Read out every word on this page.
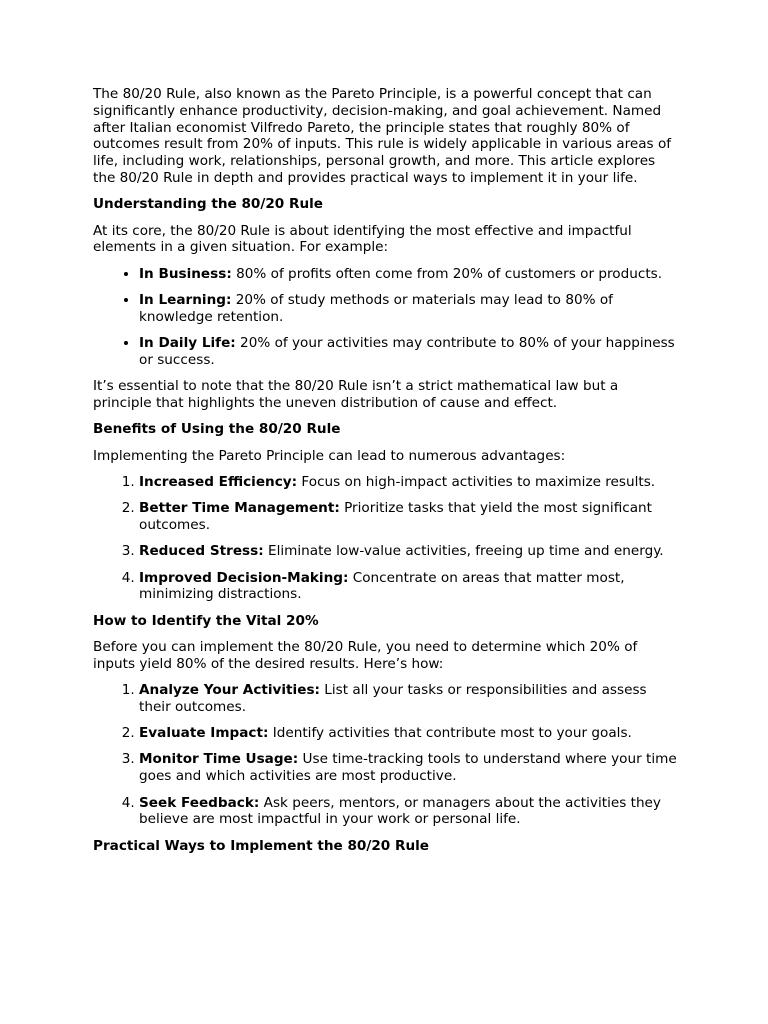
The 80/20 Rule, also known as the Pareto Principle, is a powerful concept that can significantly enhance productivity, decision-making, and goal achievement. Named after Italian economist Vilfredo Pareto, the principle states that roughly 80% of outcomes result from 20% of inputs. This rule is widely applicable in various areas of life, including work, relationships, personal growth, and more. This article explores the 80/20 Rule in depth and provides practical ways to implement it in your life.

Understanding the 80/20 Rule

At its core, the 80/20 Rule is about identifying the most effective and impactful elements in a given situation. For example:

• In Business: 80% of profits often come from 20% of customers or products.
• In Learning: 20% of study methods or materials may lead to 80% of knowledge retention.
• In Daily Life: 20% of your activities may contribute to 80% of your happiness or success.

It’s essential to note that the 80/20 Rule isn’t a strict mathematical law but a principle that highlights the uneven distribution of cause and effect.

Benefits of Using the 80/20 Rule

Implementing the Pareto Principle can lead to numerous advantages:

1. Increased Efficiency: Focus on high-impact activities to maximize results.
2. Better Time Management: Prioritize tasks that yield the most significant outcomes.
3. Reduced Stress: Eliminate low-value activities, freeing up time and energy.
4. Improved Decision-Making: Concentrate on areas that matter most, minimizing distractions.
How to Identify the Vital 20%

Before you can implement the 80/20 Rule, you need to determine which 20% of inputs yield 80% of the desired results. Here’s how:

1. Analyze Your Activities: List all your tasks or responsibilities and assess their outcomes.
2. Evaluate Impact: Identify activities that contribute most to your goals.
3. Monitor Time Usage: Use time-tracking tools to understand where your time goes and which activities are most productive.
4. Seek Feedback: Ask peers, mentors, or managers about the activities they believe are most impactful in your work or personal life.
Practical Ways to Implement the 80/20 Rule
